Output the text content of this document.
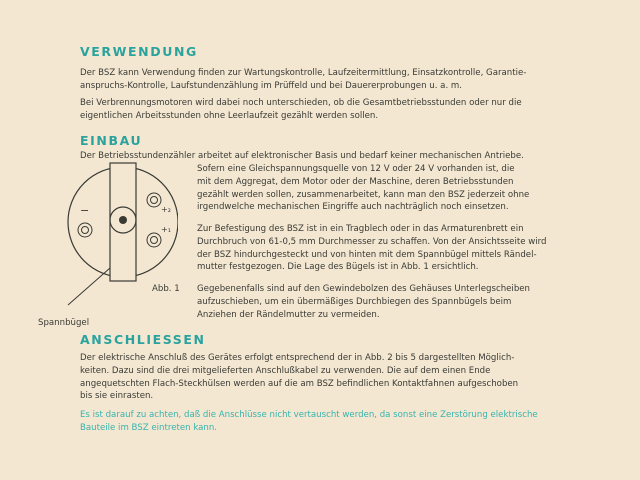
VERWENDUNG
Der BSZ kann Verwendung finden zur Wartungskontrolle, Laufzeitermittlung, Einsatzkontrolle, Garantie-
anspruchs-Kontrolle, Laufstundenzählung im Prüffeld und bei Dauererprobungen u. a. m.
Bei Verbrennungsmotoren wird dabei noch unterschieden, ob die Gesamtbetriebsstunden oder nur die
eigentlichen Arbeitsstunden ohne Leerlaufzeit gezählt werden sollen.
EINBAU
Der Betriebsstundenzähler arbeitet auf elektronischer Basis und bedarf keiner mechanischen Antriebe.
Sofern eine Gleichspannungsquelle von 12 V oder 24 V vorhanden ist, die
mit dem Aggregat, dem Motor oder der Maschine, deren Betriebsstunden
gezählt werden sollen, zusammenarbeitet, kann man den BSZ jederzeit ohne
irgendwelche mechanischen Eingriffe auch nachträglich noch einsetzen.
Zur Befestigung des BSZ ist in ein Tragblech oder in das Armaturenbrett ein
Durchbruch von 61-0,5 mm Durchmesser zu schaffen. Von der Ansichtsseite wird
der BSZ hindurchgesteckt und von hinten mit dem Spannbügel mittels Rändel-
mutter festgezogen. Die Lage des Bügels ist in Abb. 1 ersichtlich.
Gegebenenfalls sind auf den Gewindebolzen des Gehäuses Unterlegscheiben
aufzuschieben, um ein übermäßiges Durchbiegen des Spannbügels beim
Anziehen der Rändelmutter zu vermeiden.
−	+₂
+₁
Abb. 1
Spannbügel
ANSCHLIESSEN
Der elektrische Anschluß des Gerätes erfolgt entsprechend der in Abb. 2 bis 5 dargestellten Möglich-
keiten. Dazu sind die drei mitgelieferten Anschlußkabel zu verwenden. Die auf dem einen Ende
angequetschten Flach-Steckhülsen werden auf die am BSZ befindlichen Kontaktfahnen aufgeschoben
bis sie einrasten.
Es ist darauf zu achten, daß die Anschlüsse nicht vertauscht werden, da sonst eine Zerstörung elektrische
Bauteile im BSZ eintreten kann.
